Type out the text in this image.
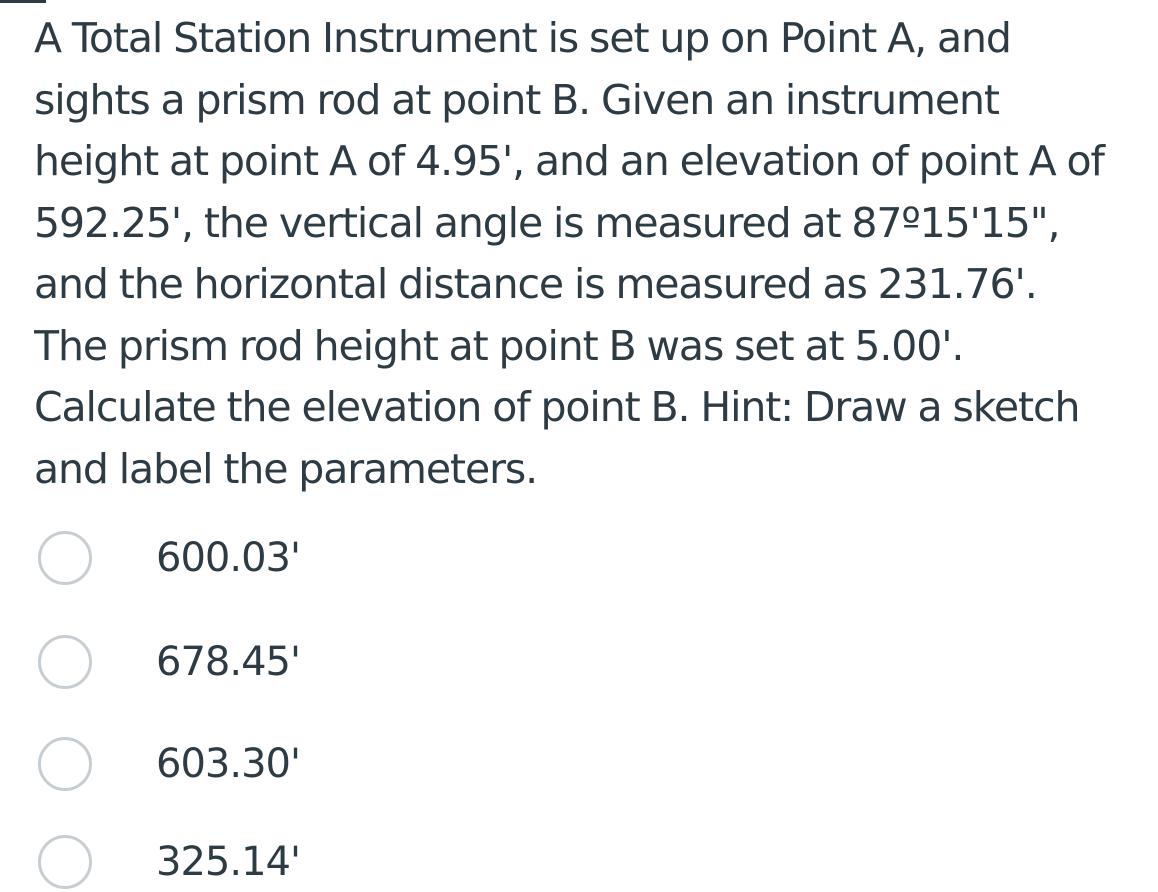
A Total Station Instrument is set up on Point A, and
sights a prism rod at point B. Given an instrument
height at point A of 4.95', and an elevation of point A of
592.25', the vertical angle is measured at 87º15'15",
and the horizontal distance is measured as 231.76'.
The prism rod height at point B was set at 5.00'.
Calculate the elevation of point B. Hint: Draw a sketch
and label the parameters.
600.03'
678.45'
603.30'
325.14'
